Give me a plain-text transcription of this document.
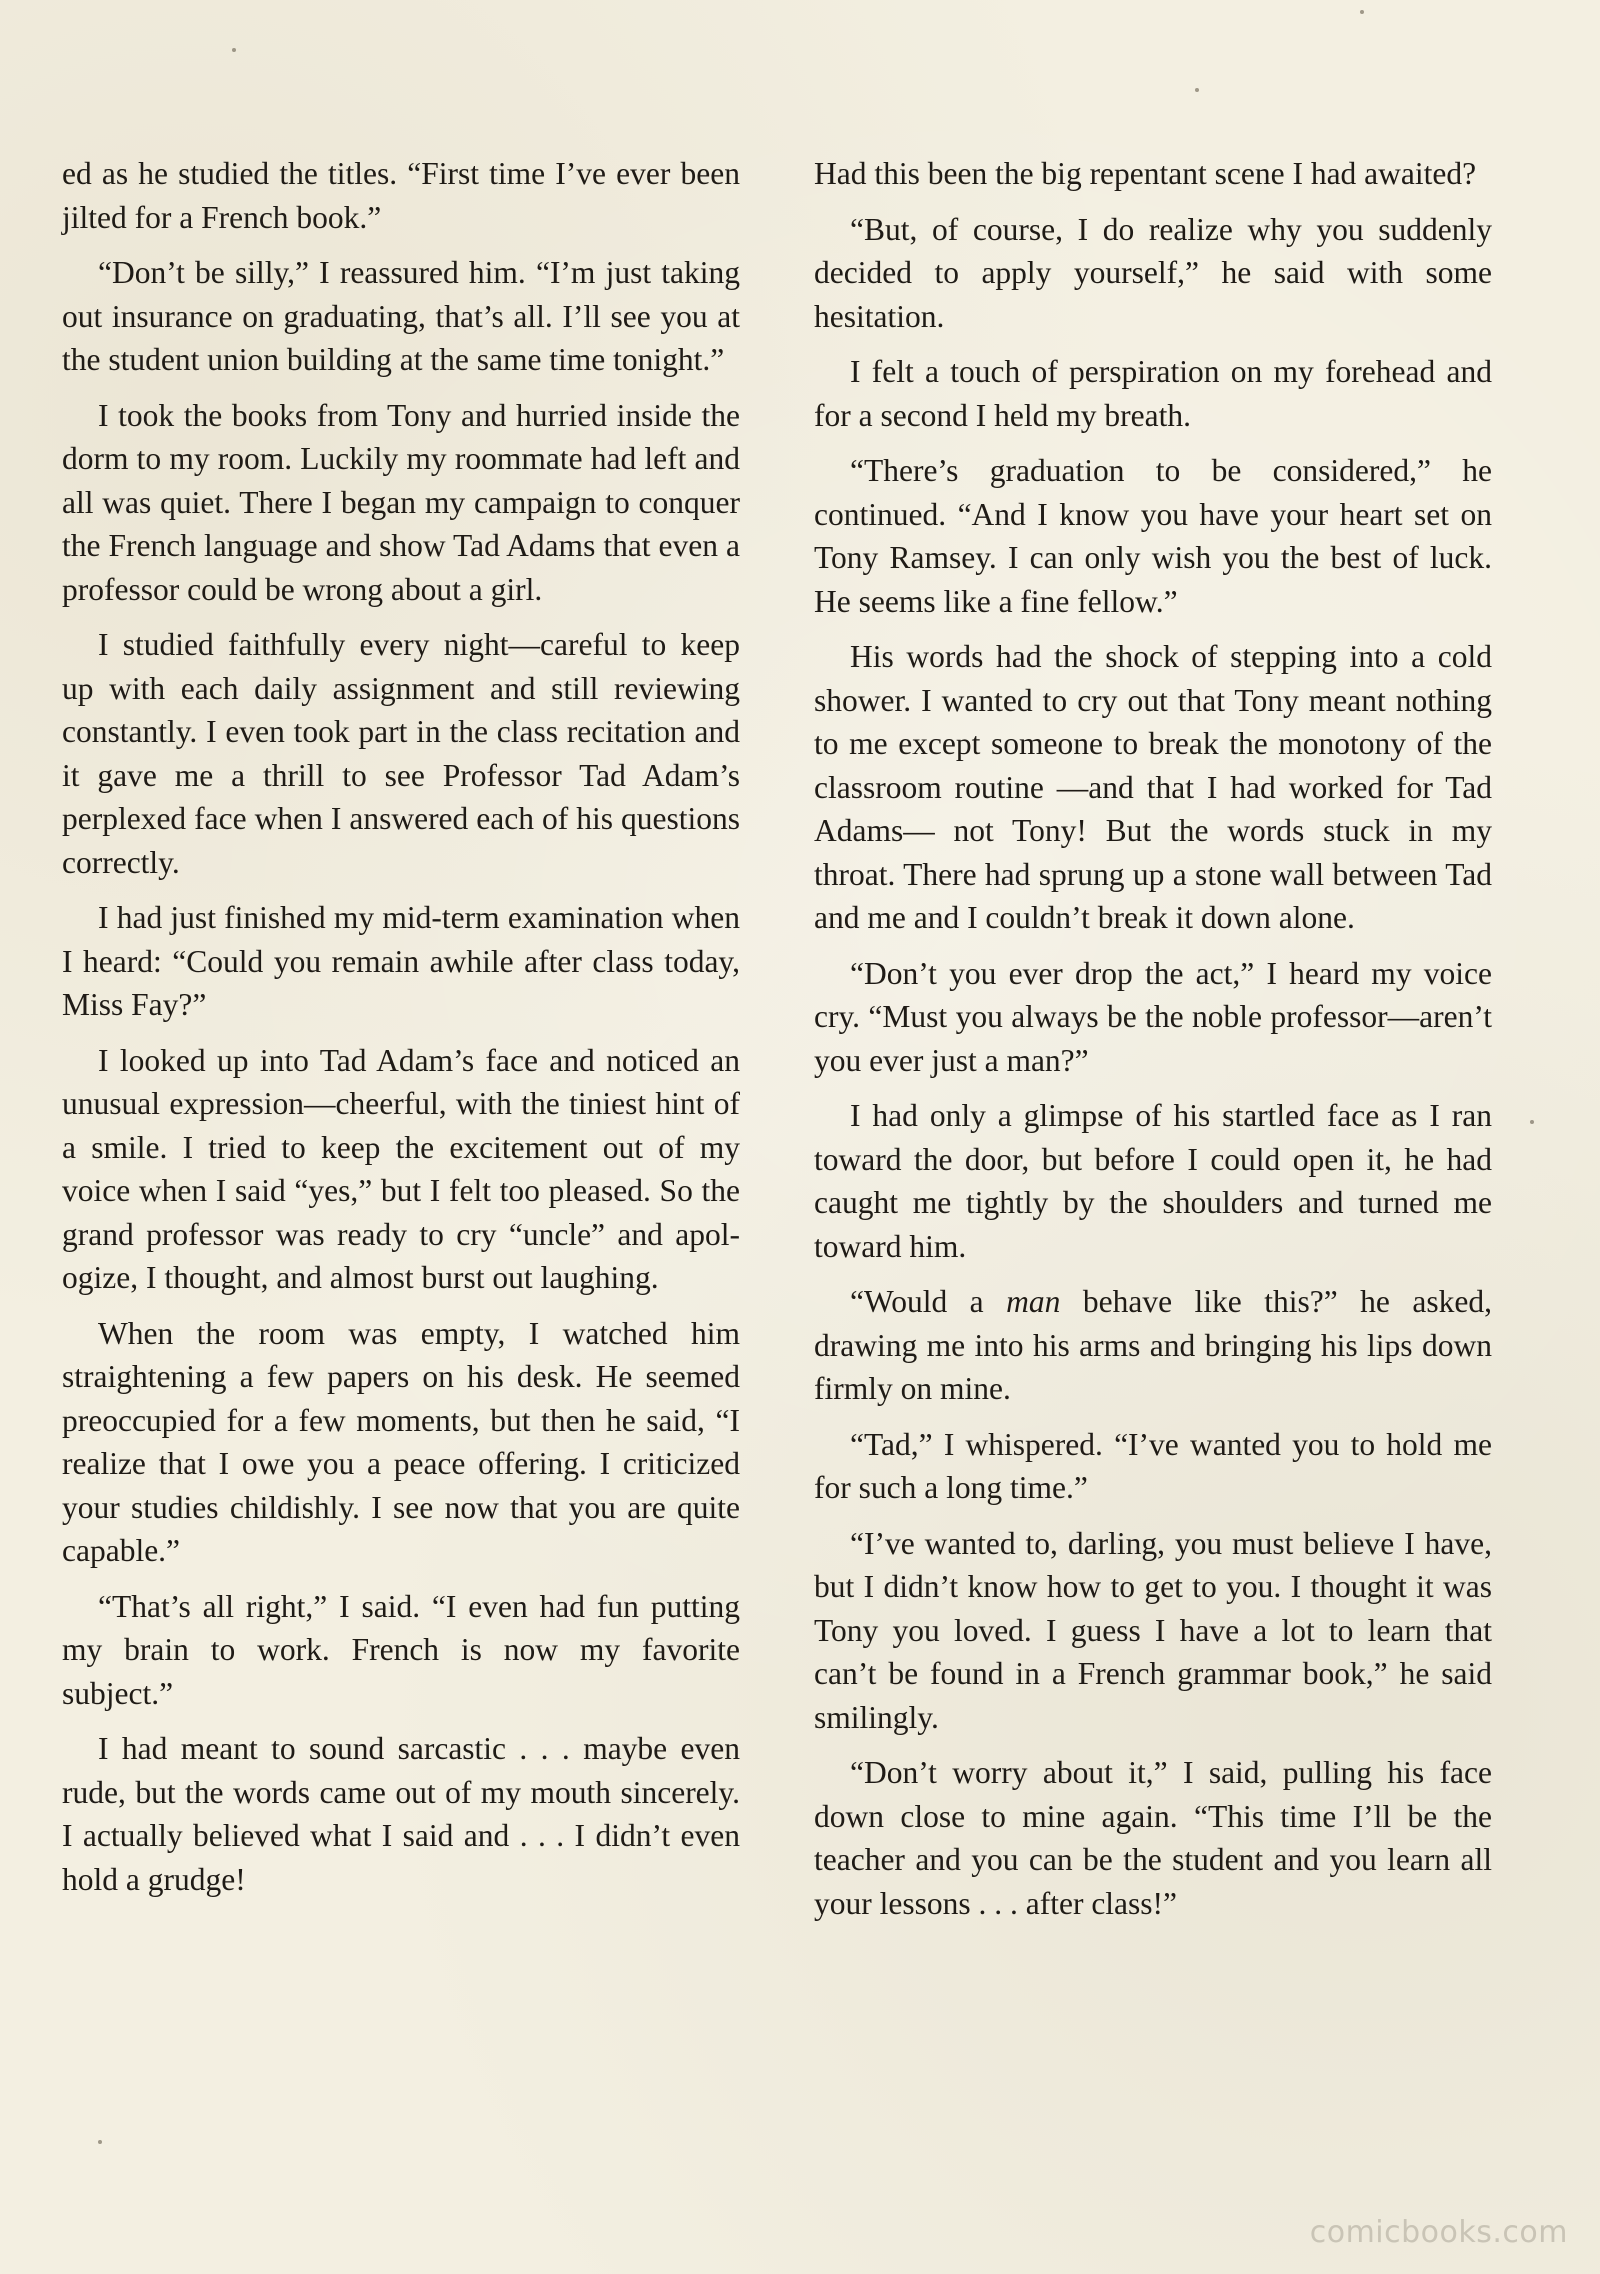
ed as he studied the titles. “First time I’ve ever been jilted for a French book.”

“Don’t be silly,” I reassured him. “I’m just taking out insurance on graduating, that’s all. I’ll see you at the student union building at the same time tonight.”

I took the books from Tony and hurried inside the dorm to my room. Luckily my roommate had left and all was quiet. There I began my campaign to conquer the French language and show Tad Adams that even a professor could be wrong about a girl.

I studied faithfully every night—careful to keep up with each daily assignment and still reviewing constantly. I even took part in the class recitation and it gave me a thrill to see Professor Tad Adam’s perplexed face when I answered each of his questions correctly.

I had just finished my mid-term examination when I heard: “Could you remain awhile after class today, Miss Fay?”

I looked up into Tad Adam’s face and noticed an unusual expression—cheerful, with the tiniest hint of a smile. I tried to keep the excitement out of my voice when I said “yes,” but I felt too pleased. So the grand professor was ready to cry “uncle” and apologize, I thought, and almost burst out laughing.

When the room was empty, I watched him straightening a few papers on his desk. He seemed preoccupied for a few moments, but then he said, “I realize that I owe you a peace offering. I criticized your studies childishly. I see now that you are quite capable.”

“That’s all right,” I said. “I even had fun putting my brain to work. French is now my favorite subject.”

I had meant to sound sarcastic . . . maybe even rude, but the words came out of my mouth sincerely. I actually believed what I said and . . . I didn’t even hold a grudge!

Had this been the big repentant scene I had awaited?

“But, of course, I do realize why you suddenly decided to apply yourself,” he said with some hesitation.

I felt a touch of perspiration on my forehead and for a second I held my breath.

“There’s graduation to be considered,” he continued. “And I know you have your heart set on Tony Ramsey. I can only wish you the best of luck. He seems like a fine fellow.”

His words had the shock of stepping into a cold shower. I wanted to cry out that Tony meant nothing to me except someone to break the monotony of the classroom routine —and that I had worked for Tad Adams— not Tony! But the words stuck in my throat. There had sprung up a stone wall between Tad and me and I couldn’t break it down alone.

“Don’t you ever drop the act,” I heard my voice cry. “Must you always be the noble professor—aren’t you ever just a man?”

I had only a glimpse of his startled face as I ran toward the door, but before I could open it, he had caught me tightly by the shoulders and turned me toward him.

“Would a man behave like this?” he asked, drawing me into his arms and bringing his lips down firmly on mine.

“Tad,” I whispered. “I’ve wanted you to hold me for such a long time.”

“I’ve wanted to, darling, you must believe I have, but I didn’t know how to get to you. I thought it was Tony you loved. I guess I have a lot to learn that can’t be found in a French grammar book,” he said smilingly.

“Don’t worry about it,” I said, pulling his face down close to mine again. “This time I’ll be the teacher and you can be the student and you learn all your lessons . . . after class!”

comicbooks.com
